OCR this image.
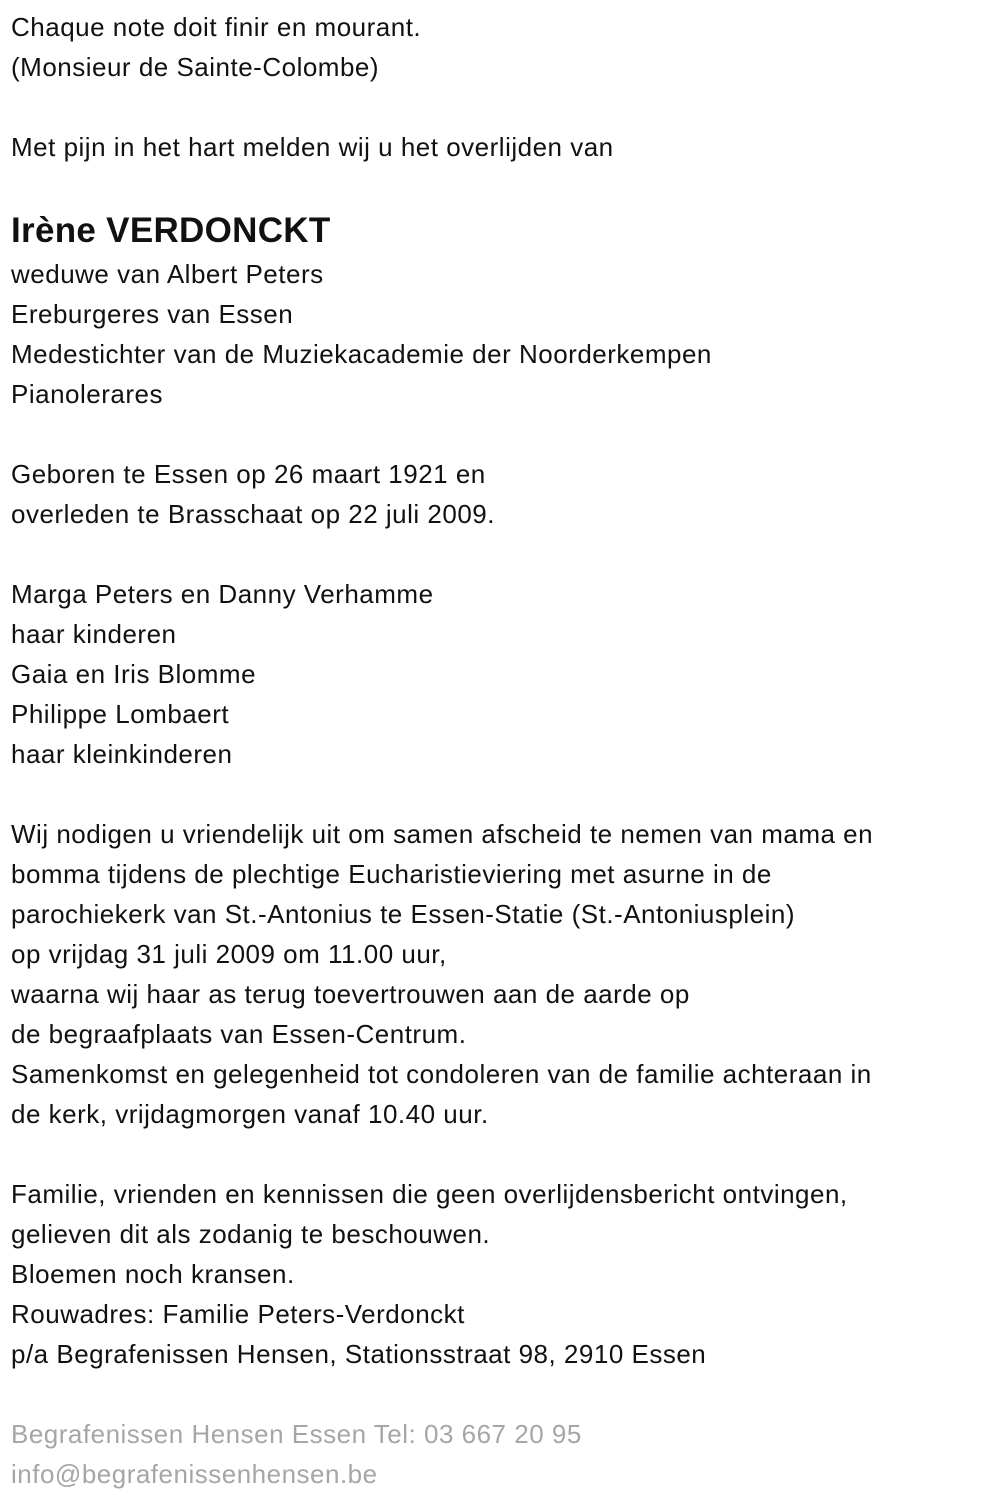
Chaque note doit finir en mourant.
(Monsieur de Sainte-Colombe)
Met pijn in het hart melden wij u het overlijden van
Irène VERDONCKT
weduwe van Albert Peters
Ereburgeres van Essen
Medestichter van de Muziekacademie der Noorderkempen
Pianolerares
Geboren te Essen op 26 maart 1921 en
overleden te Brasschaat op 22 juli 2009.
Marga Peters en Danny Verhamme
haar kinderen
Gaia en Iris Blomme
Philippe Lombaert
haar kleinkinderen
Wij nodigen u vriendelijk uit om samen afscheid te nemen van mama en
bomma tijdens de plechtige Eucharistieviering met asurne in de
parochiekerk van St.-Antonius te Essen-Statie (St.-Antoniusplein)
op vrijdag 31 juli 2009 om 11.00 uur,
waarna wij haar as terug toevertrouwen aan de aarde op
de begraafplaats van Essen-Centrum.
Samenkomst en gelegenheid tot condoleren van de familie achteraan in
de kerk, vrijdagmorgen vanaf 10.40 uur.
Familie, vrienden en kennissen die geen overlijdensbericht ontvingen,
gelieven dit als zodanig te beschouwen.
Bloemen noch kransen.
Rouwadres: Familie Peters-Verdonckt
p/a Begrafenissen Hensen, Stationsstraat 98, 2910 Essen
Begrafenissen Hensen Essen Tel: 03 667 20 95
info@begrafenissenhensen.be
